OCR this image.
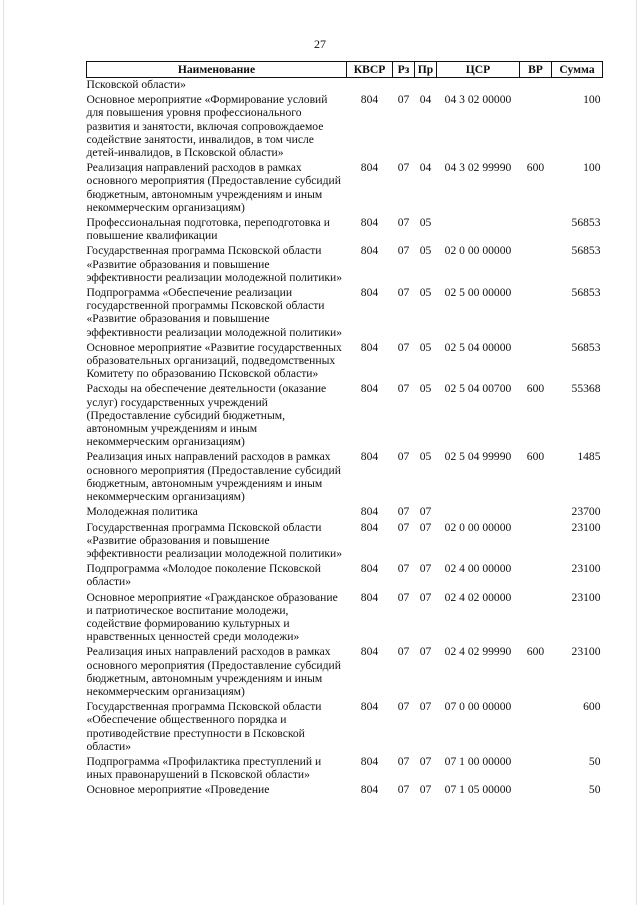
27
Наименование	КВСР	Рз	Пр	ЦСР	ВР	Сумма
Псковской области»						
Основное мероприятие «Формирование условий для повышения уровня профессионального развития и занятости, включая сопровождаемое содействие занятости, инвалидов, в том числе детей-инвалидов, в Псковской области»	804	07	04	04 3 02 00000		100
Реализация направлений расходов в рамках основного мероприятия (Предоставление субсидий бюджетным, автономным учреждениям и иным некоммерческим организациям)	804	07	04	04 3 02 99990	600	100
Профессиональная подготовка, переподготовка и повышение квалификации	804	07	05			56853
Государственная программа Псковской области «Развитие образования и повышение эффективности реализации молодежной политики»	804	07	05	02 0 00 00000		56853
Подпрограмма «Обеспечение реализации государственной программы Псковской области «Развитие образования и повышение эффективности реализации молодежной политики»	804	07	05	02 5 00 00000		56853
Основное мероприятие «Развитие государственных образовательных организаций, подведомственных Комитету по образованию Псковской области»	804	07	05	02 5 04 00000		56853
Расходы на обеспечение деятельности (оказание услуг) государственных учреждений (Предоставление субсидий бюджетным, автономным учреждениям и иным некоммерческим организациям)	804	07	05	02 5 04 00700	600	55368
Реализация иных направлений расходов в рамках основного мероприятия (Предоставление субсидий бюджетным, автономным учреждениям и иным некоммерческим организациям)	804	07	05	02 5 04 99990	600	1485
Молодежная политика	804	07	07			23700
Государственная программа Псковской области «Развитие образования и повышение эффективности реализации молодежной политики»	804	07	07	02 0 00 00000		23100
Подпрограмма «Молодое поколение Псковской области»	804	07	07	02 4 00 00000		23100
Основное мероприятие «Гражданское образование и патриотическое воспитание молодежи, содействие формированию культурных и нравственных ценностей среди молодежи»	804	07	07	02 4 02 00000		23100
Реализация иных направлений расходов в рамках основного мероприятия (Предоставление субсидий бюджетным, автономным учреждениям и иным некоммерческим организациям)	804	07	07	02 4 02 99990	600	23100
Государственная программа Псковской области «Обеспечение общественного порядка и противодействие преступности в Псковской области»	804	07	07	07 0 00 00000		600
Подпрограмма «Профилактика преступлений и иных правонарушений в Псковской области»	804	07	07	07 1 00 00000		50
Основное мероприятие «Проведение	804	07	07	07 1 05 00000		50
